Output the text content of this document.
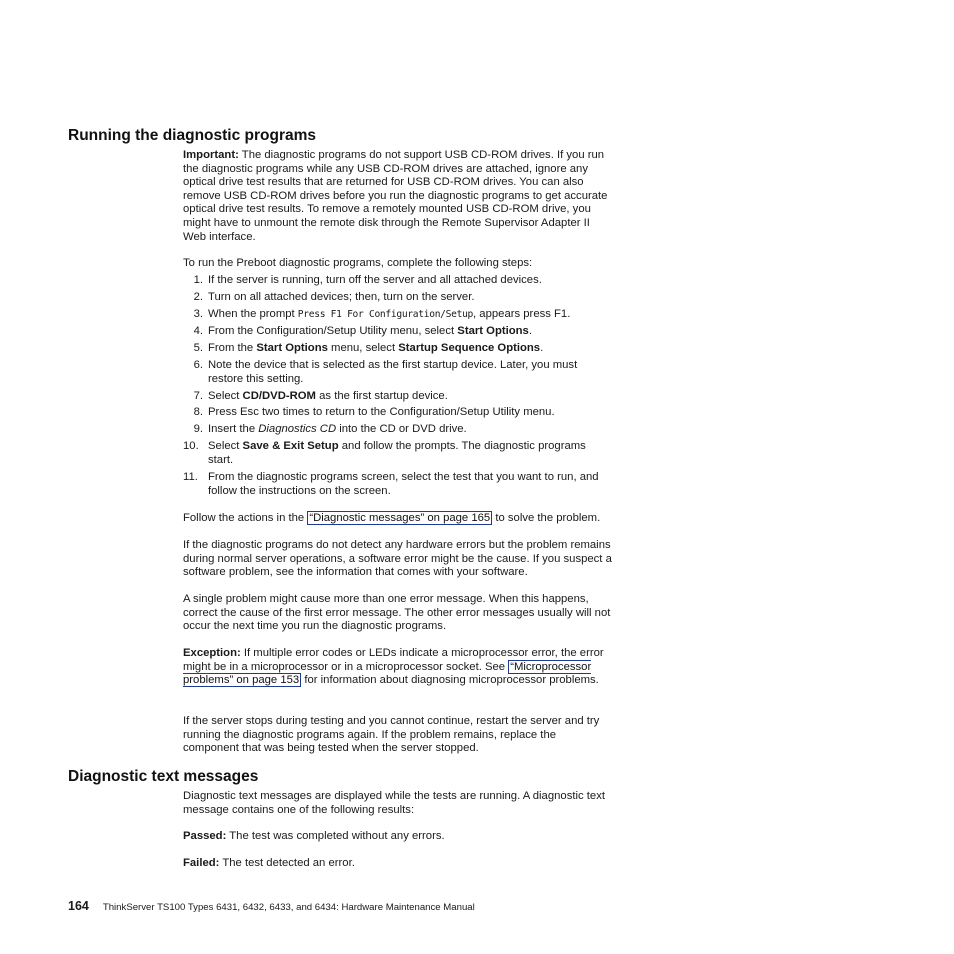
Running the diagnostic programs

Important: The diagnostic programs do not support USB CD-ROM drives. If you run the diagnostic programs while any USB CD-ROM drives are attached, ignore any optical drive test results that are returned for USB CD-ROM drives. You can also remove USB CD-ROM drives before you run the diagnostic programs to get accurate optical drive test results. To remove a remotely mounted USB CD-ROM drive, you might have to unmount the remote disk through the Remote Supervisor Adapter II Web interface.

To run the Preboot diagnostic programs, complete the following steps:

1. If the server is running, turn off the server and all attached devices.
2. Turn on all attached devices; then, turn on the server.
3. When the prompt Press F1 For Configuration/Setup, appears press F1.
4. From the Configuration/Setup Utility menu, select Start Options.
5. From the Start Options menu, select Startup Sequence Options.
6. Note the device that is selected as the first startup device. Later, you must restore this setting.
7. Select CD/DVD-ROM as the first startup device.
8. Press Esc two times to return to the Configuration/Setup Utility menu.
9. Insert the Diagnostics CD into the CD or DVD drive.
10. Select Save & Exit Setup and follow the prompts. The diagnostic programs start.
11. From the diagnostic programs screen, select the test that you want to run, and follow the instructions on the screen.

Follow the actions in the “Diagnostic messages” on page 165 to solve the problem.

If the diagnostic programs do not detect any hardware errors but the problem remains during normal server operations, a software error might be the cause. If you suspect a software problem, see the information that comes with your software.

A single problem might cause more than one error message. When this happens, correct the cause of the first error message. The other error messages usually will not occur the next time you run the diagnostic programs.

Exception: If multiple error codes or LEDs indicate a microprocessor error, the error might be in a microprocessor or in a microprocessor socket. See “Microprocessor problems” on page 153 for information about diagnosing microprocessor problems.

If the server stops during testing and you cannot continue, restart the server and try running the diagnostic programs again. If the problem remains, replace the component that was being tested when the server stopped.

Diagnostic text messages

Diagnostic text messages are displayed while the tests are running. A diagnostic text message contains one of the following results:

Passed: The test was completed without any errors.

Failed: The test detected an error.

164 ThinkServer TS100 Types 6431, 6432, 6433, and 6434: Hardware Maintenance Manual
